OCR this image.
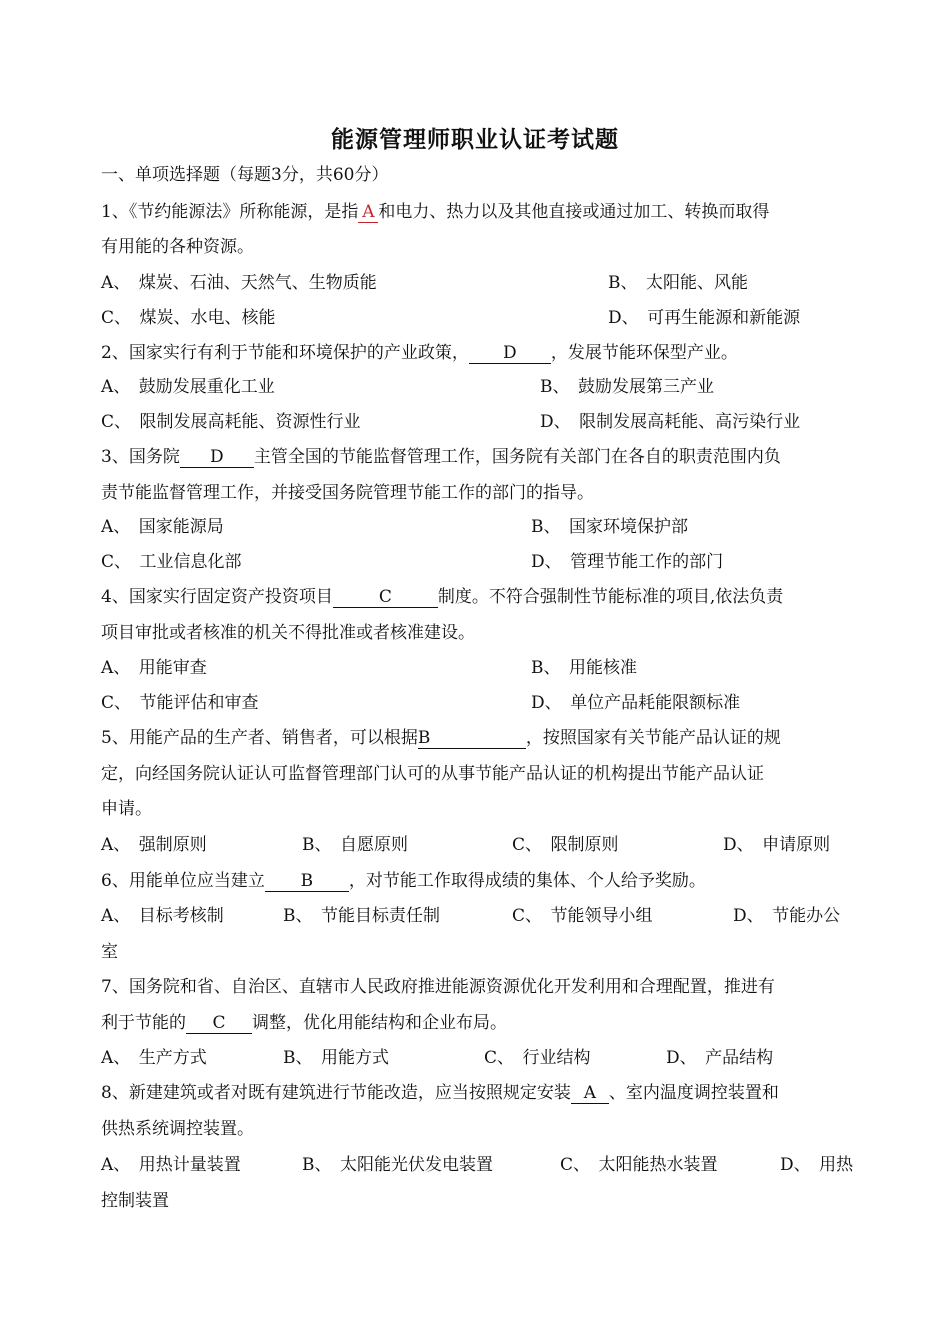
能源管理师职业认证考试题
一、单项选择题（每题3分，共60分）
1、《节约能源法》所称能源，是指 A 和电力、热力以及其他直接或通过加工、转换而取得
有用能的各种资源。
A、　煤炭、石油、天然气、生物质能	B、　太阳能、风能
C、　煤炭、水电、核能	D、　可再生能源和新能源
2、国家实行有利于节能和环境保护的产业政策， D ，发展节能环保型产业。
A、　鼓励发展重化工业	B、　鼓励发展第三产业
C、　限制发展高耗能、资源性行业	D、　限制发展高耗能、高污染行业
3、国务院 D 主管全国的节能监督管理工作，国务院有关部门在各自的职责范围内负
责节能监督管理工作，并接受国务院管理节能工作的部门的指导。
A、　国家能源局	B、　国家环境保护部
C、　工业信息化部	D、　管理节能工作的部门
4、国家实行固定资产投资项目	C	制度。不符合强制性节能标准的项目,依法负责
项目审批或者核准的机关不得批准或者核准建设。
A、　用能审查	B、　用能核准
C、　节能评估和审查	D、　单位产品耗能限额标准
5、用能产品的生产者、销售者，可以根据B	，按照国家有关节能产品认证的规
定，向经国务院认证认可监督管理部门认可的从事节能产品认证的机构提出节能产品认证
申请。
A、　强制原则	B、　自愿原则	C、　限制原则	D、　申请原则
6、用能单位应当建立 B ，对节能工作取得成绩的集体、个人给予奖励。
A、　目标考核制	B、　节能目标责任制	C、　节能领导小组	D、　节能办公
室
7、国务院和省、自治区、直辖市人民政府推进能源资源优化开发利用和合理配置，推进有
利于节能的 C 调整，优化用能结构和企业布局。
A、　生产方式	B、　用能方式	C、　行业结构	D、　产品结构
8、新建建筑或者对既有建筑进行节能改造，应当按照规定安装 A 、室内温度调控装置和
供热系统调控装置。
A、　用热计量装置	B、　太阳能光伏发电装置	C、　太阳能热水装置	D、　用热
控制装置
